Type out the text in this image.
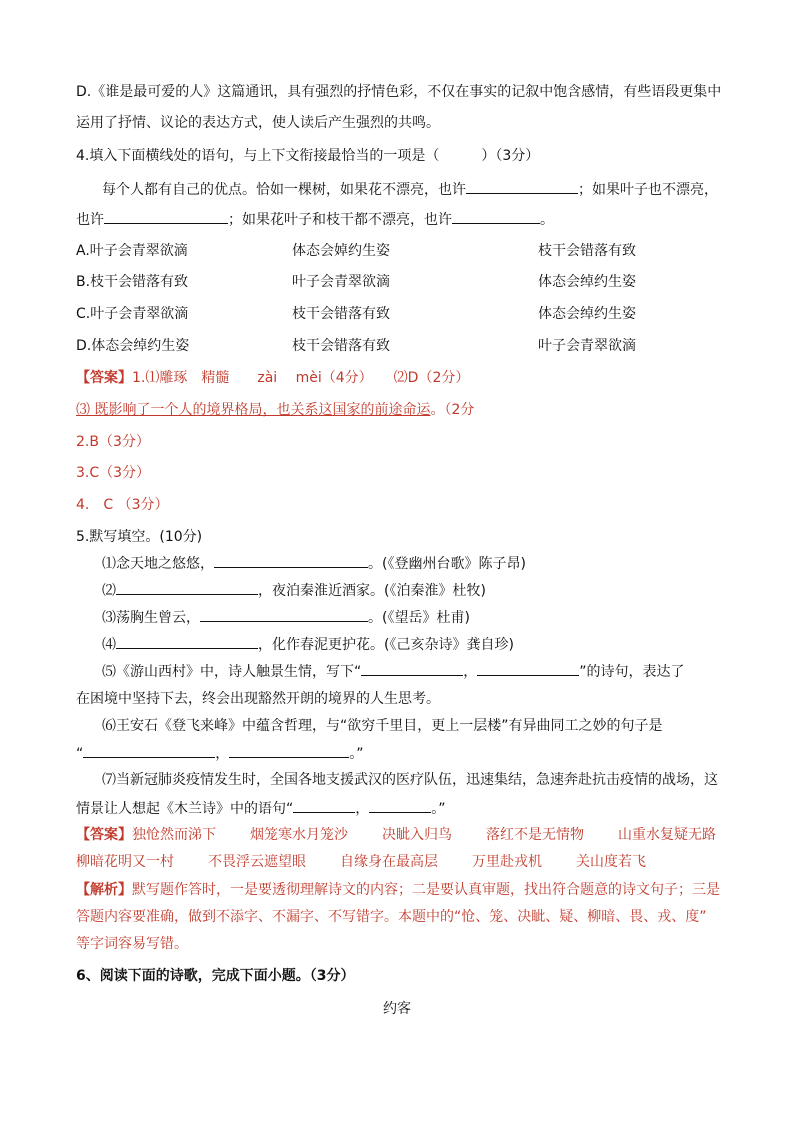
D.《谁是最可爱的人》这篇通讯，具有强烈的抒情色彩，不仅在事实的记叙中饱含感情，有些语段更集中
运用了抒情、议论的表达方式，使人读后产生强烈的共鸣。
4.填入下面横线处的语句，与上下文衔接最恰当的一项是（　　　）（3分）
每个人都有自己的优点。恰如一棵树，如果花不漂亮，也许	；如果叶子也不漂亮，
也许	；如果花叶子和枝干都不漂亮，也许	。
A.叶子会青翠欲滴	体态会婥约生姿	枝干会错落有致
B.枝干会错落有致	叶子会青翠欲滴	体态会绰约生姿
C.叶子会青翠欲滴	枝干会错落有致	体态会绰约生姿
D.体态会绰约生姿	枝干会错落有致	叶子会青翠欲滴
【答案】1.⑴雕琢　精髓　　zài　 mèi（4分）　　⑵D（2分）
⑶ 既影响了一个人的境界格局，也关系这国家的前途命运。（2分
2.B（3分）
3.C（3分）
4.　C （3分）
5.默写填空。(10分)
⑴念天地之悠悠，	。(《登幽州台歌》陈子昂)
⑵	，夜泊秦淮近酒家。(《泊秦淮》杜牧)
⑶荡胸生曾云，	。(《望岳》杜甫)
⑷	，化作春泥更护花。(《己亥杂诗》龚自珍)
⑸《游山西村》中，诗人触景生情，写下“	，	”的诗句，表达了
在困境中坚持下去，终会出现豁然开朗的境界的人生思考。
⑹王安石《登飞来峰》中蕴含哲理，与“欲穷千里目，更上一层楼”有异曲同工之妙的句子是
“	，	。”
⑺当新冠肺炎疫情发生时，全国各地支援武汉的医疗队伍，迅速集结，急速奔赴抗击疫情的战场，这
情景让人想起《木兰诗》中的语句“	，	。”
【答案】独怆然而涕下 烟笼寒水月笼沙 决眦入归鸟 落红不是无情物 山重水复疑无路
柳暗花明又一村 不畏浮云遮望眼 自缘身在最高层 万里赴戎机 关山度若飞
【解析】默写题作答时，一是要透彻理解诗文的内容；二是要认真审题，找出符合题意的诗文句子；三是
答题内容要准确，做到不添字、不漏字、不写错字。本题中的“怆、笼、决眦、疑、柳暗、畏、戎、度”
等字词容易写错。
6、阅读下面的诗歌，完成下面小题。（3分）
约客
